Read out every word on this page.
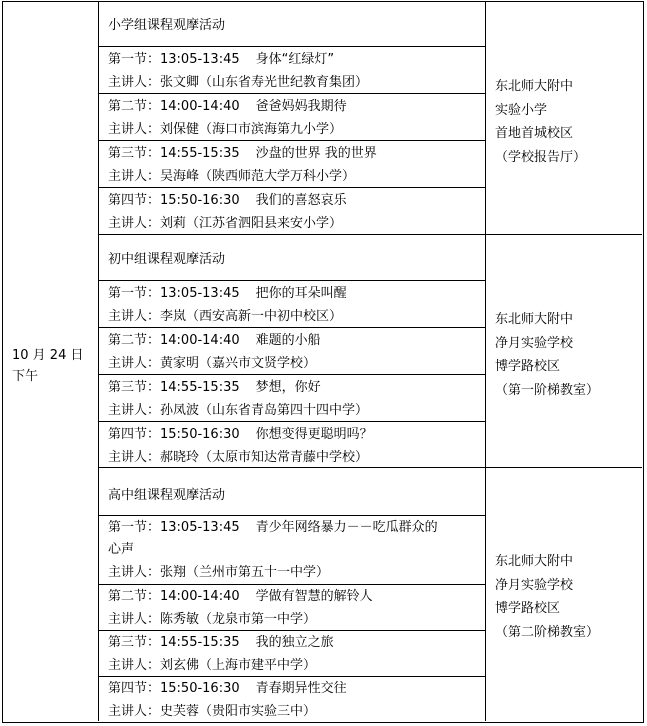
10 月 24 日
下午
小学组课程观摩活动
第一节：13:05-13:45 身体“红绿灯”
主讲人：张文卿（山东省寿光世纪教育集团）
第二节：14:00-14:40 爸爸妈妈我期待
主讲人：刘保健（海口市滨海第九小学）
第三节：14:55-15:35 沙盘的世界 我的世界
主讲人：吴海峰（陕西师范大学万科小学）
第四节：15:50-16:30 我们的喜怒哀乐
主讲人：刘莉（江苏省泗阳县来安小学）
东北师大附中
实验小学
首地首城校区
（学校报告厅）
初中组课程观摩活动
第一节：13:05-13:45 把你的耳朵叫醒
主讲人：李岚（西安高新一中初中校区）
第二节：14:00-14:40 难题的小船
主讲人：黄家明（嘉兴市文贤学校）
第三节：14:55-15:35 梦想，你好
主讲人：孙凤波（山东省青岛第四十四中学）
第四节：15:50-16:30 你想变得更聪明吗？
主讲人：郝晓玲（太原市知达常青藤中学校）
东北师大附中
净月实验学校
博学路校区
（第一阶梯教室）
高中组课程观摩活动
第一节：13:05-13:45 青少年网络暴力－－吃瓜群众的
心声
主讲人：张翔（兰州市第五十一中学）
第二节：14:00-14:40 学做有智慧的解铃人
主讲人：陈秀敏（龙泉市第一中学）
第三节：14:55-15:35 我的独立之旅
主讲人：刘玄佛（上海市建平中学）
第四节：15:50-16:30 青春期异性交往
主讲人：史芙蓉（贵阳市实验三中）
东北师大附中
净月实验学校
博学路校区
（第二阶梯教室）
